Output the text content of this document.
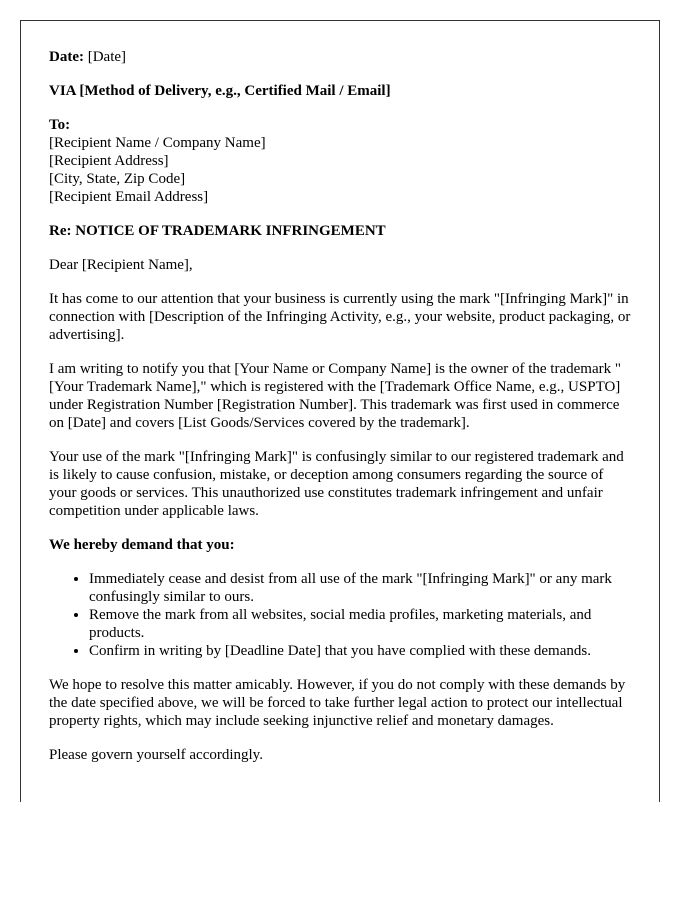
Date: [Date]

VIA [Method of Delivery, e.g., Certified Mail / Email]

To:
[Recipient Name / Company Name]
[Recipient Address]
[City, State, Zip Code]
[Recipient Email Address]

Re: NOTICE OF TRADEMARK INFRINGEMENT

Dear [Recipient Name],

It has come to our attention that your business is currently using the mark "[Infringing Mark]" in connection with [Description of the Infringing Activity, e.g., your website, product packaging, or advertising].

I am writing to notify you that [Your Name or Company Name] is the owner of the trademark "[Your Trademark Name]," which is registered with the [Trademark Office Name, e.g., USPTO] under Registration Number [Registration Number]. This trademark was first used in commerce on [Date] and covers [List Goods/Services covered by the trademark].

Your use of the mark "[Infringing Mark]" is confusingly similar to our registered trademark and is likely to cause confusion, mistake, or deception among consumers regarding the source of your goods or services. This unauthorized use constitutes trademark infringement and unfair competition under applicable laws.

We hereby demand that you:

• Immediately cease and desist from all use of the mark "[Infringing Mark]" or any mark confusingly similar to ours.
• Remove the mark from all websites, social media profiles, marketing materials, and products.
• Confirm in writing by [Deadline Date] that you have complied with these demands.

We hope to resolve this matter amicably. However, if you do not comply with these demands by the date specified above, we will be forced to take further legal action to protect our intellectual property rights, which may include seeking injunctive relief and monetary damages.

Please govern yourself accordingly.
